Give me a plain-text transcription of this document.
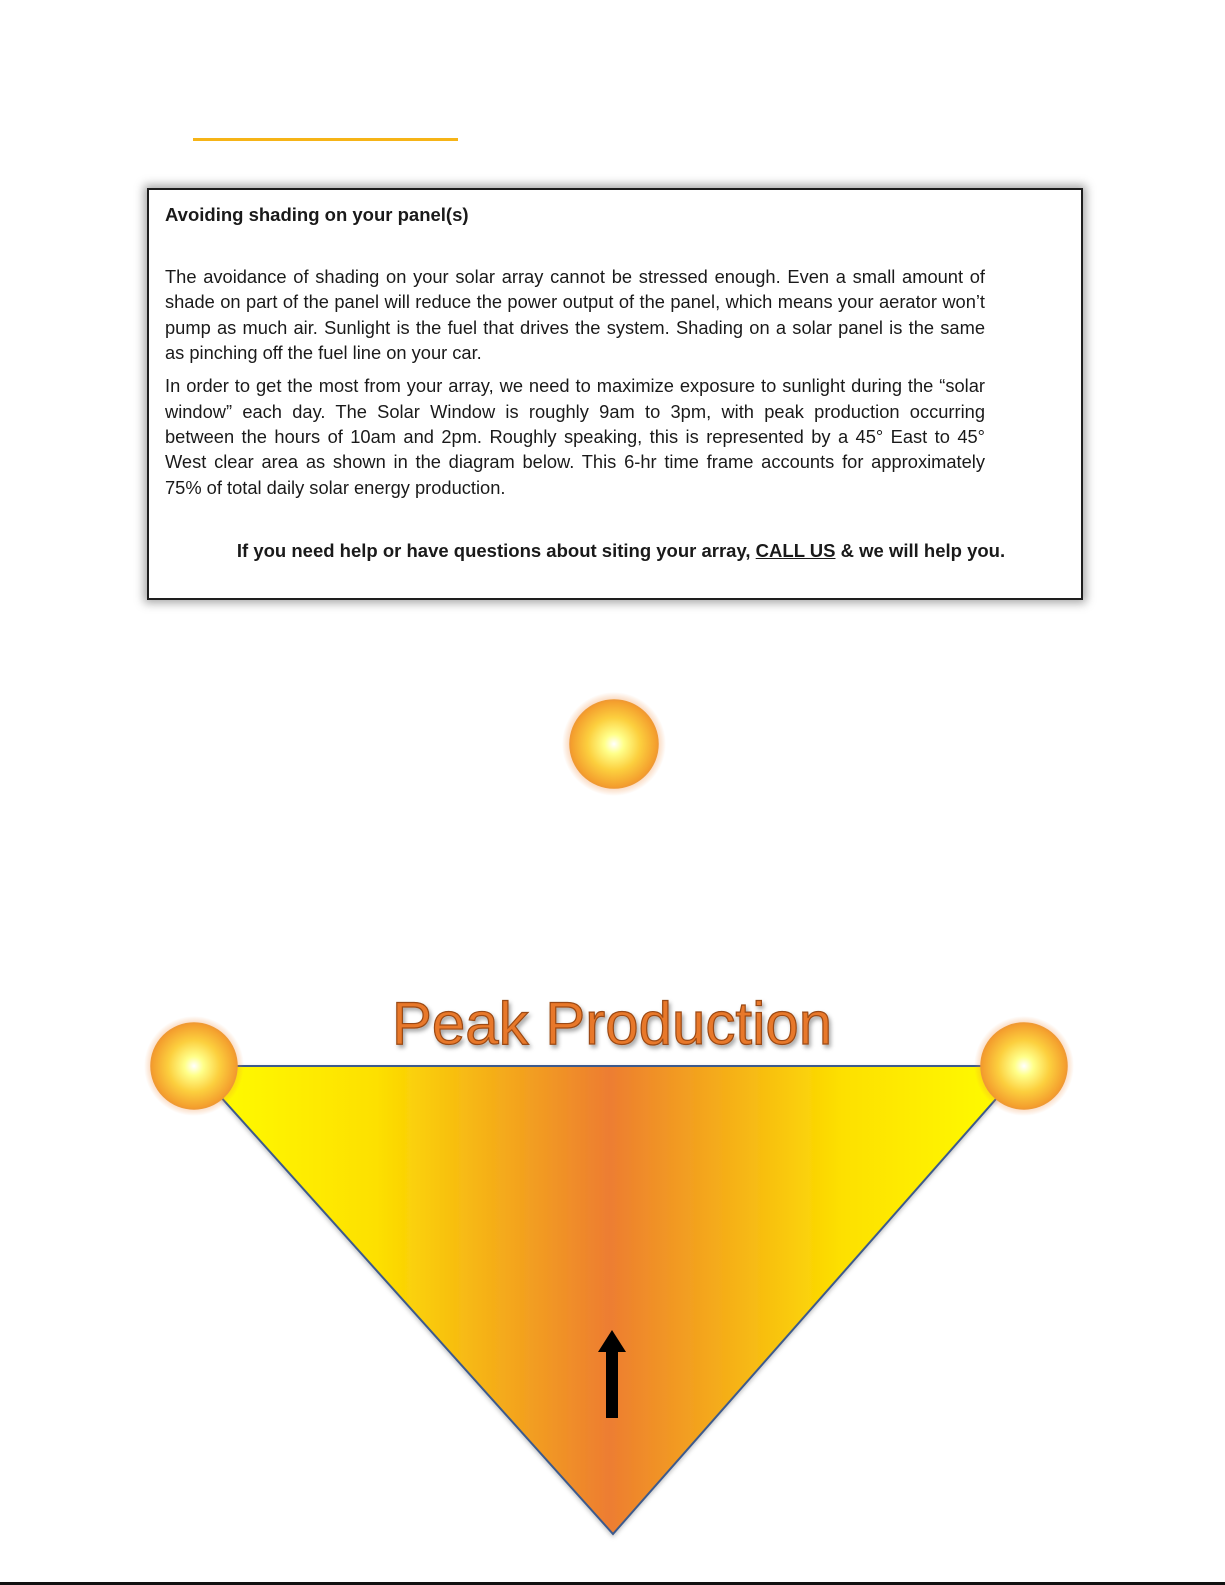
Avoiding shading on your panel(s)

The avoidance of shading on your solar array cannot be stressed enough. Even a small amount of shade on part of the panel will reduce the power output of the panel, which means your aerator won’t pump as much air. Sunlight is the fuel that drives the system. Shading on a solar panel is the same as pinching off the fuel line on your car.

In order to get the most from your array, we need to maximize exposure to sunlight during the “solar window” each day. The Solar Window is roughly 9am to 3pm, with peak production occurring between the hours of 10am and 2pm. Roughly speaking, this is represented by a 45° East to 45° West clear area as shown in the diagram below. This 6-hr time frame accounts for approximately 75% of total daily solar energy production.

If you need help or have questions about siting your array, CALL US & we will help you.
Peak Production
